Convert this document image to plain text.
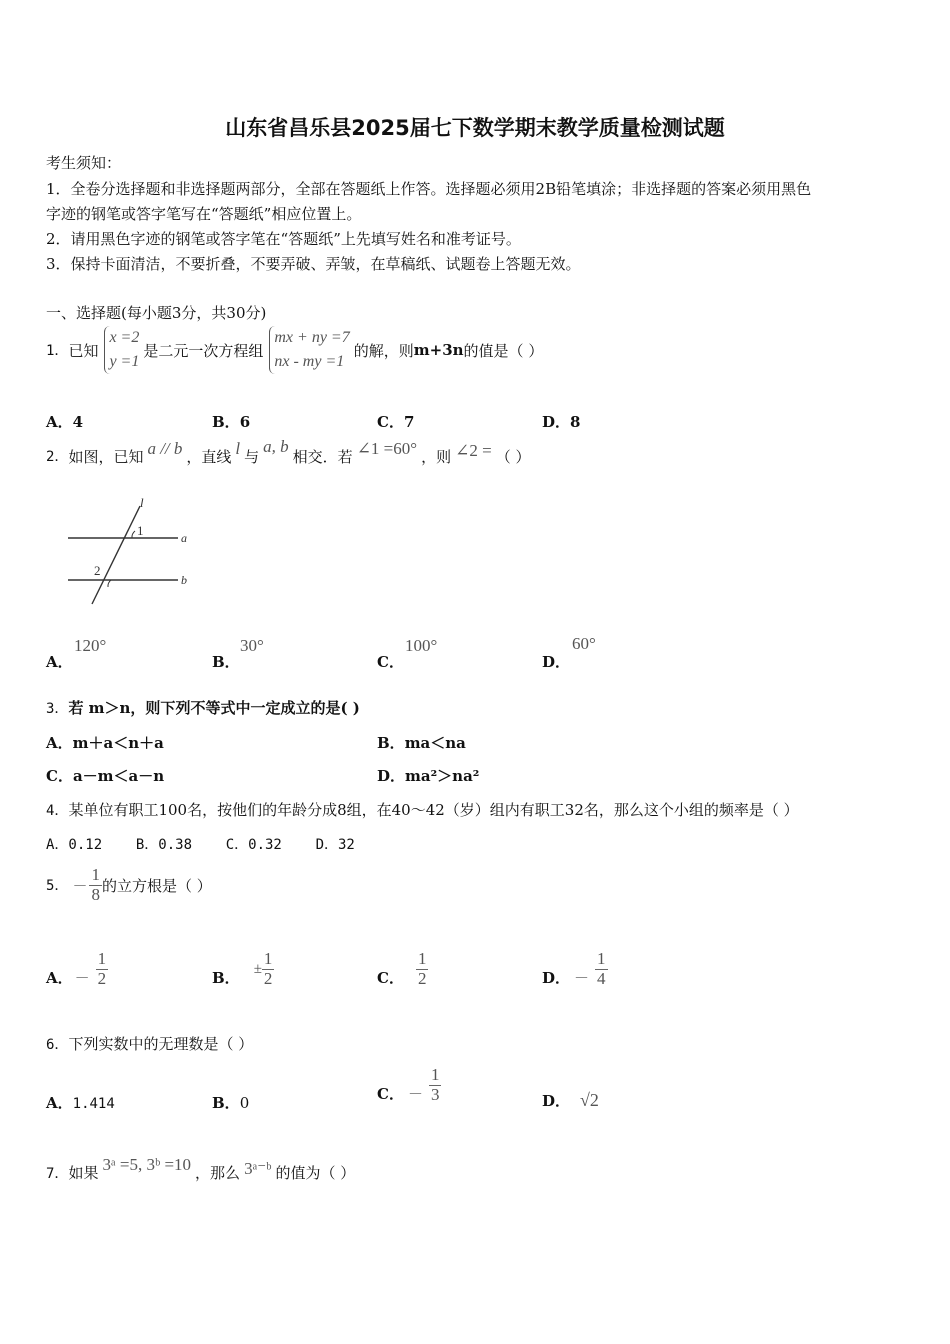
山东省昌乐县2025届七下数学期末教学质量检测试题
考生须知：
1．全卷分选择题和非选择题两部分，全部在答题纸上作答。选择题必须用2B铅笔填涂；非选择题的答案必须用黑色
字迹的钢笔或答字笔写在“答题纸”相应位置上。
2．请用黑色字迹的钢笔或答字笔在“答题纸”上先填写姓名和准考证号。
3．保持卡面清洁，不要折叠，不要弄破、弄皱，在草稿纸、试题卷上答题无效。
一、选择题(每小题3分，共30分)
1． 已知
x =2
y =1
是二元一次方程组
mx + ny =7
nx - my =1
的解，则 m+3n 的值是（ ）
A．4	B．6	C．7	D．8
2． 如图，已知 a // b ，直线 l 与
a, b
相交．若 ∠1 =60° ，则 ∠2 = （ ）
l
1	a
2
b
A．
120°
B．
30°
C．
100°
D．
60°
3．若 m＞n，则下列不等式中一定成立的是( )
A．m＋a＜n＋a	B．ma＜na
C．a－m＜a－n	D．ma²＞na²
4．某单位有职工100名，按他们的年龄分成8组，在40～42（岁）组内有职工32名，那么这个小组的频率是（ ）
A．0.12    B．0.38    C．0.32    D．32
5． － $\frac{1}{8}$ 的立方根是（ ）
A． － $\frac{1}{2}$	B． ± $\frac{1}{2}$	C． $\frac{1}{2}$	D． － $\frac{1}{4}$
6．下列实数中的无理数是（ ）
A．1.414	B．0
C． － $\frac{1}{3}$	D． √2
7． 如果 3ᵃ =5, 3ᵇ =10 ，那么 3ᵃ⁻ᵇ 的值为（ ）
